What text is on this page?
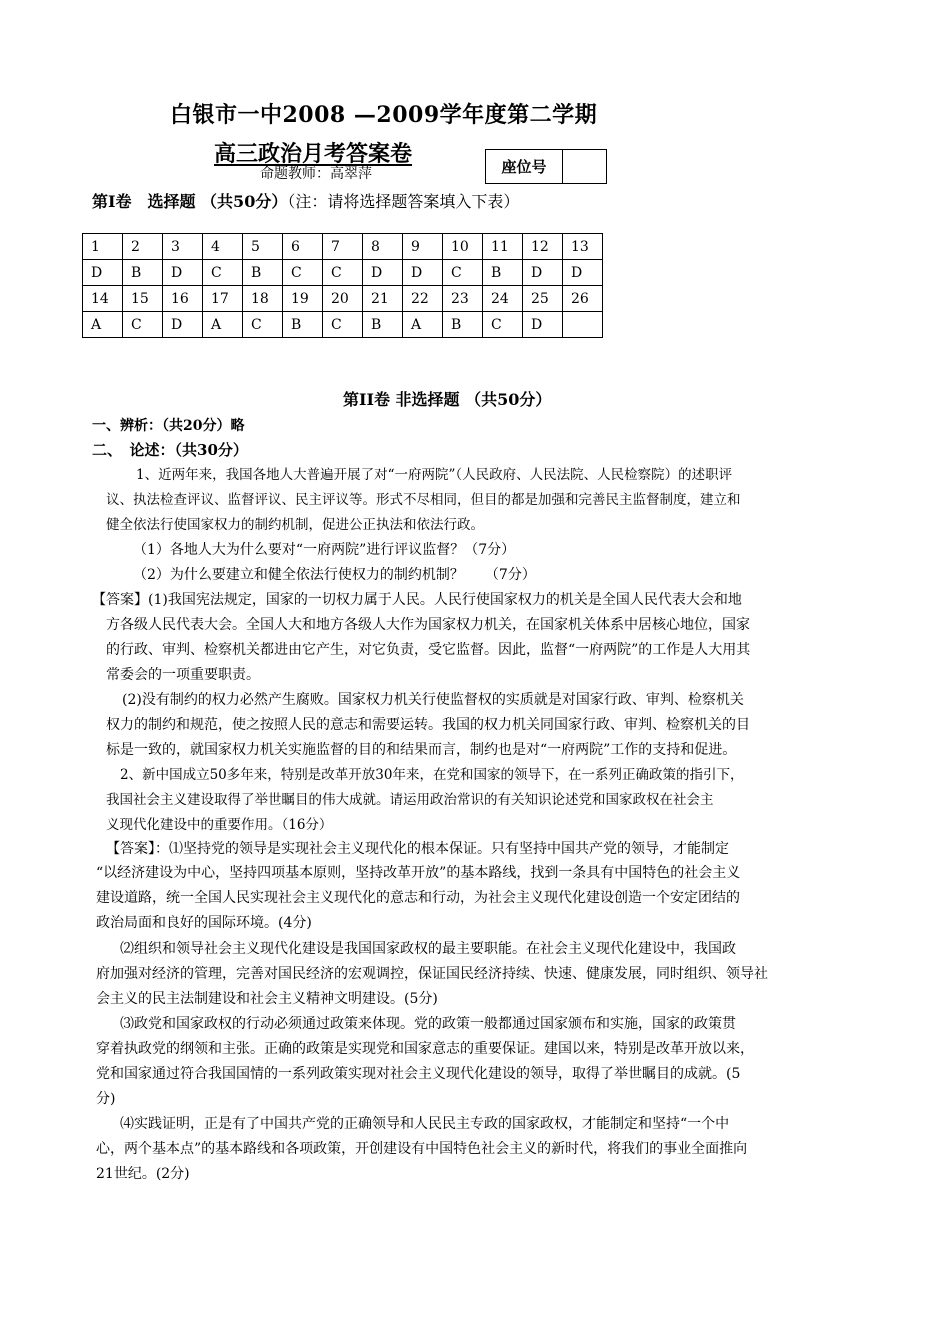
白银市一中2008 —2009学年度第二学期
高三政治月考答案卷
命题教师：高翠萍	座位号
第Ⅰ卷　选择题 （共50分）（注：请将选择题答案填入下表）
1	2	3	4	5	6	7	8	9	10	11	12	13
D	B	D	C	B	C	C	D	D	C	B	D	D
14	15	16	17	18	19	20	21	22	23	24	25	26
A	C	D	A	C	B	C	B	A	B	C	D	
第II卷 非选择题 （共50分）
一、辨析：（共20分）略
二、　论述：（共30分）
1、近两年来，我国各地人大普遍开展了对“一府两院”（人民政府、人民法院、人民检察院）的述职评
议、执法检查评议、监督评议、民主评议等。形式不尽相同，但目的都是加强和完善民主监督制度，建立和
健全依法行使国家权力的制约机制，促进公正执法和依法行政。
（1）各地人大为什么要对“一府两院”进行评议监督？（7分）
（2）为什么要建立和健全依法行使权力的制约机制？　　（7分）
【答案】(1)我国宪法规定，国家的一切权力属于人民。人民行使国家权力的机关是全国人民代表大会和地
方各级人民代表大会。全国人大和地方各级人大作为国家权力机关，在国家机关体系中居核心地位，国家
的行政、审判、检察机关都进由它产生，对它负责，受它监督。因此，监督“一府两院”的工作是人大用其
常委会的一项重要职责。
(2)没有制约的权力必然产生腐败。国家权力机关行使监督权的实质就是对国家行政、审判、检察机关
权力的制约和规范，使之按照人民的意志和需要运转。我国的权力机关同国家行政、审判、检察机关的目
标是一致的，就国家权力机关实施监督的目的和结果而言，制约也是对“一府两院”工作的支持和促进。
2、新中国成立50多年来，特别是改革开放30年来，在党和国家的领导下，在一系列正确政策的指引下，
我国社会主义建设取得了举世瞩目的伟大成就。请运用政治常识的有关知识论述党和国家政权在社会主
义现代化建设中的重要作用。（16分）
【答案】：⑴坚持党的领导是实现社会主义现代化的根本保证。只有坚持中国共产党的领导，才能制定
“以经济建设为中心，坚持四项基本原则，坚持改革开放”的基本路线，找到一条具有中国特色的社会主义
建设道路，统一全国人民实现社会主义现代化的意志和行动，为社会主义现代化建设创造一个安定团结的
政治局面和良好的国际环境。(4分)
⑵组织和领导社会主义现代化建设是我国国家政权的最主要职能。在社会主义现代化建设中，我国政
府加强对经济的管理，完善对国民经济的宏观调控，保证国民经济持续、快速、健康发展，同时组织、领导社
会主义的民主法制建设和社会主义精神文明建设。(5分)
⑶政党和国家政权的行动必须通过政策来体现。党的政策一般都通过国家颁布和实施，国家的政策贯
穿着执政党的纲领和主张。正确的政策是实现党和国家意志的重要保证。建国以来，特别是改革开放以来，
党和国家通过符合我国国情的一系列政策实现对社会主义现代化建设的领导，取得了举世瞩目的成就。(5
分)
⑷实践证明，正是有了中国共产党的正确领导和人民民主专政的国家政权，才能制定和坚持“一个中
心，两个基本点”的基本路线和各项政策，开创建设有中国特色社会主义的新时代，将我们的事业全面推向
21世纪。(2分)
